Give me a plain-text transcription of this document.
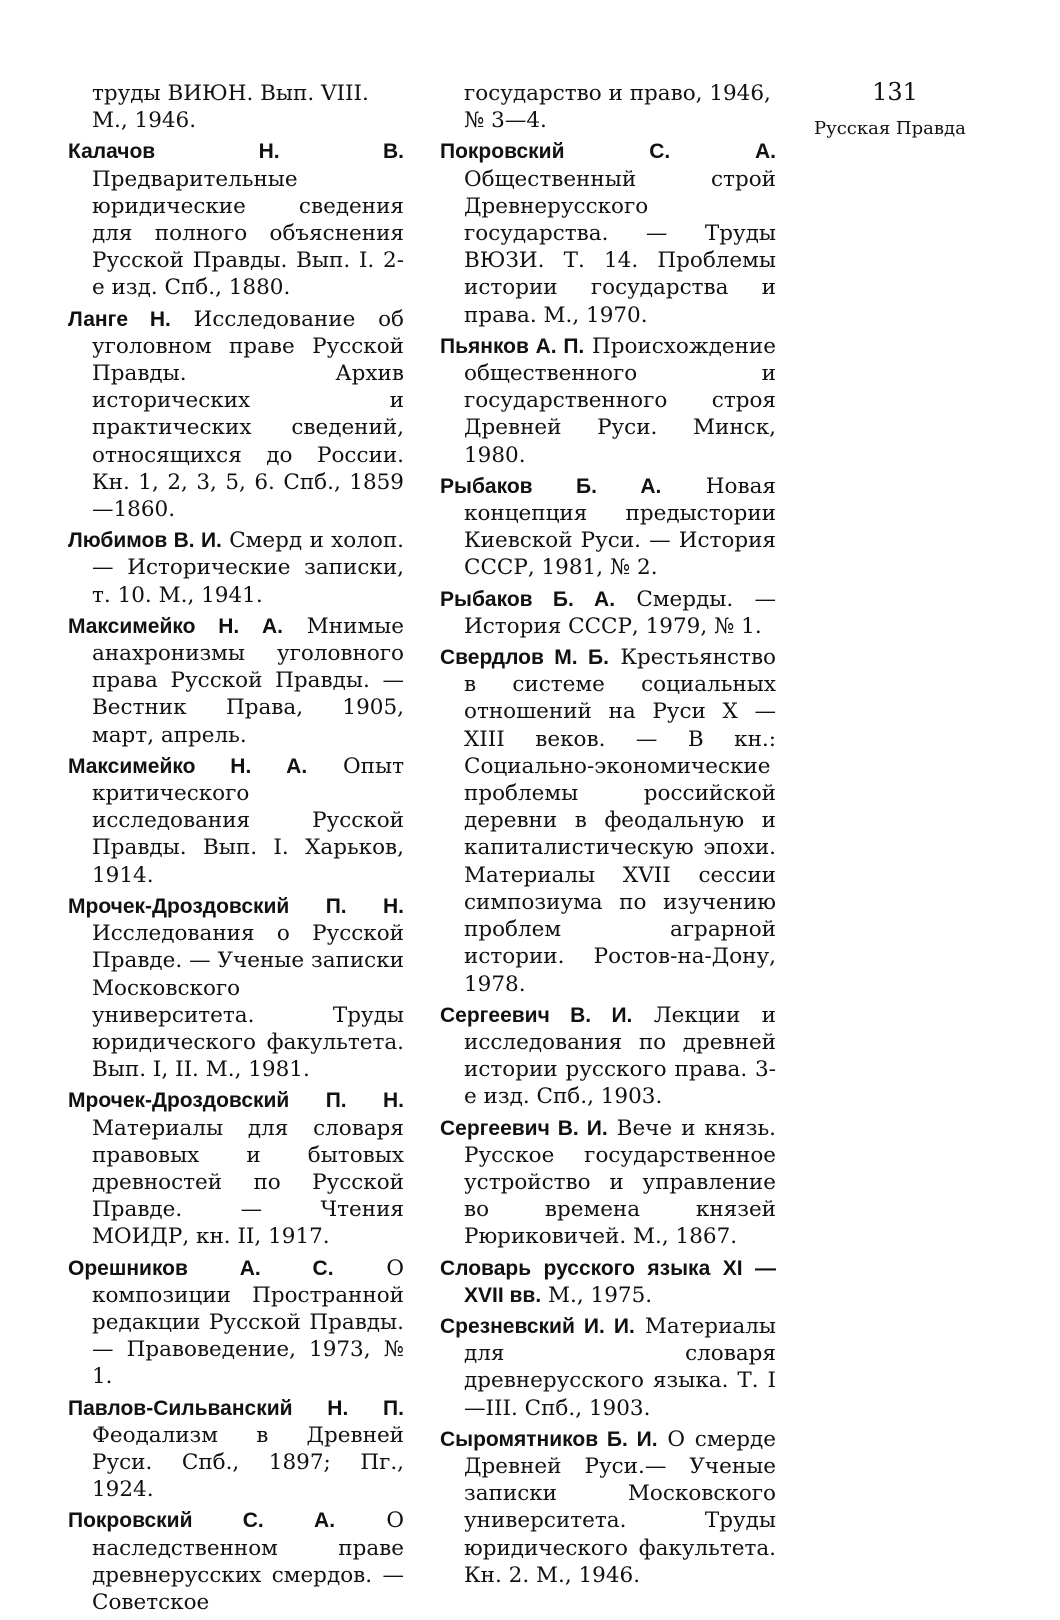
131
Русская Правда
труды ВИЮН. Вып. VIII. М., 1946.

Калачов Н. В. Предварительные юридические сведения для полного объяснения Русской Правды. Вып. I. 2-е изд. Спб., 1880.

Ланге Н. Исследование об уголовном праве Русской Правды. Архив исторических и практических сведений, относящихся до России. Кн. 1, 2, 3, 5, 6. Спб., 1859—1860.

Любимов В. И. Смерд и холоп. — Исторические записки, т. 10. М., 1941.

Максимейко Н. А. Мнимые анахронизмы уголовного права Русской Правды. — Вестник Права, 1905, март, апрель.

Максимейко Н. А. Опыт критического исследования Русской Правды. Вып. I. Харьков, 1914.

Мрочек-Дроздовский П. Н. Исследования о Русской Правде. — Ученые записки Московского университета. Труды юридического факультета. Вып. I, II. М., 1981.

Мрочек-Дроздовский П. Н. Материалы для словаря правовых и бытовых древностей по Русской Правде. — Чтения МОИДР, кн. II, 1917.

Орешников А. С. О композиции Пространной редакции Русской Правды. — Правоведение, 1973, № 1.

Павлов-Сильванский Н. П. Феодализм в Древней Руси. Спб., 1897; Пг., 1924.

Покровский С. А. О наследственном праве древнерусских смердов. — Советское

государство и право, 1946, № 3—4.

Покровский С. А. Общественный строй Древнерусского государства. — Труды ВЮЗИ. Т. 14. Проблемы истории государства и права. М., 1970.

Пьянков А. П. Происхождение общественного и государственного строя Древней Руси. Минск, 1980.

Рыбаков Б. А. Новая концепция предыстории Киевской Руси. — История СССР, 1981, № 2.

Рыбаков Б. А. Смерды. — История СССР, 1979, № 1.

Свердлов М. Б. Крестьянство в системе социальных отношений на Руси X — XIII веков. — В кн.: Социально-экономические проблемы российской деревни в феодальную и капиталистическую эпохи. Материалы XVII сессии симпозиума по изучению проблем аграрной истории. Ростов-на-Дону, 1978.

Сергеевич В. И. Лекции и исследования по древней истории русского права. 3-е изд. Спб., 1903.

Сергеевич В. И. Вече и князь. Русское государственное устройство и управление во времена князей Рюриковичей. М., 1867.

Словарь русского языка XI — XVII вв. М., 1975.

Срезневский И. И. Материалы для словаря древнерусского языка. Т. I—III. Спб., 1903.

Сыромятников Б. И. О смерде Древней Руси.— Ученые записки Московского университета. Труды юридического факультета. Кн. 2. М., 1946.
